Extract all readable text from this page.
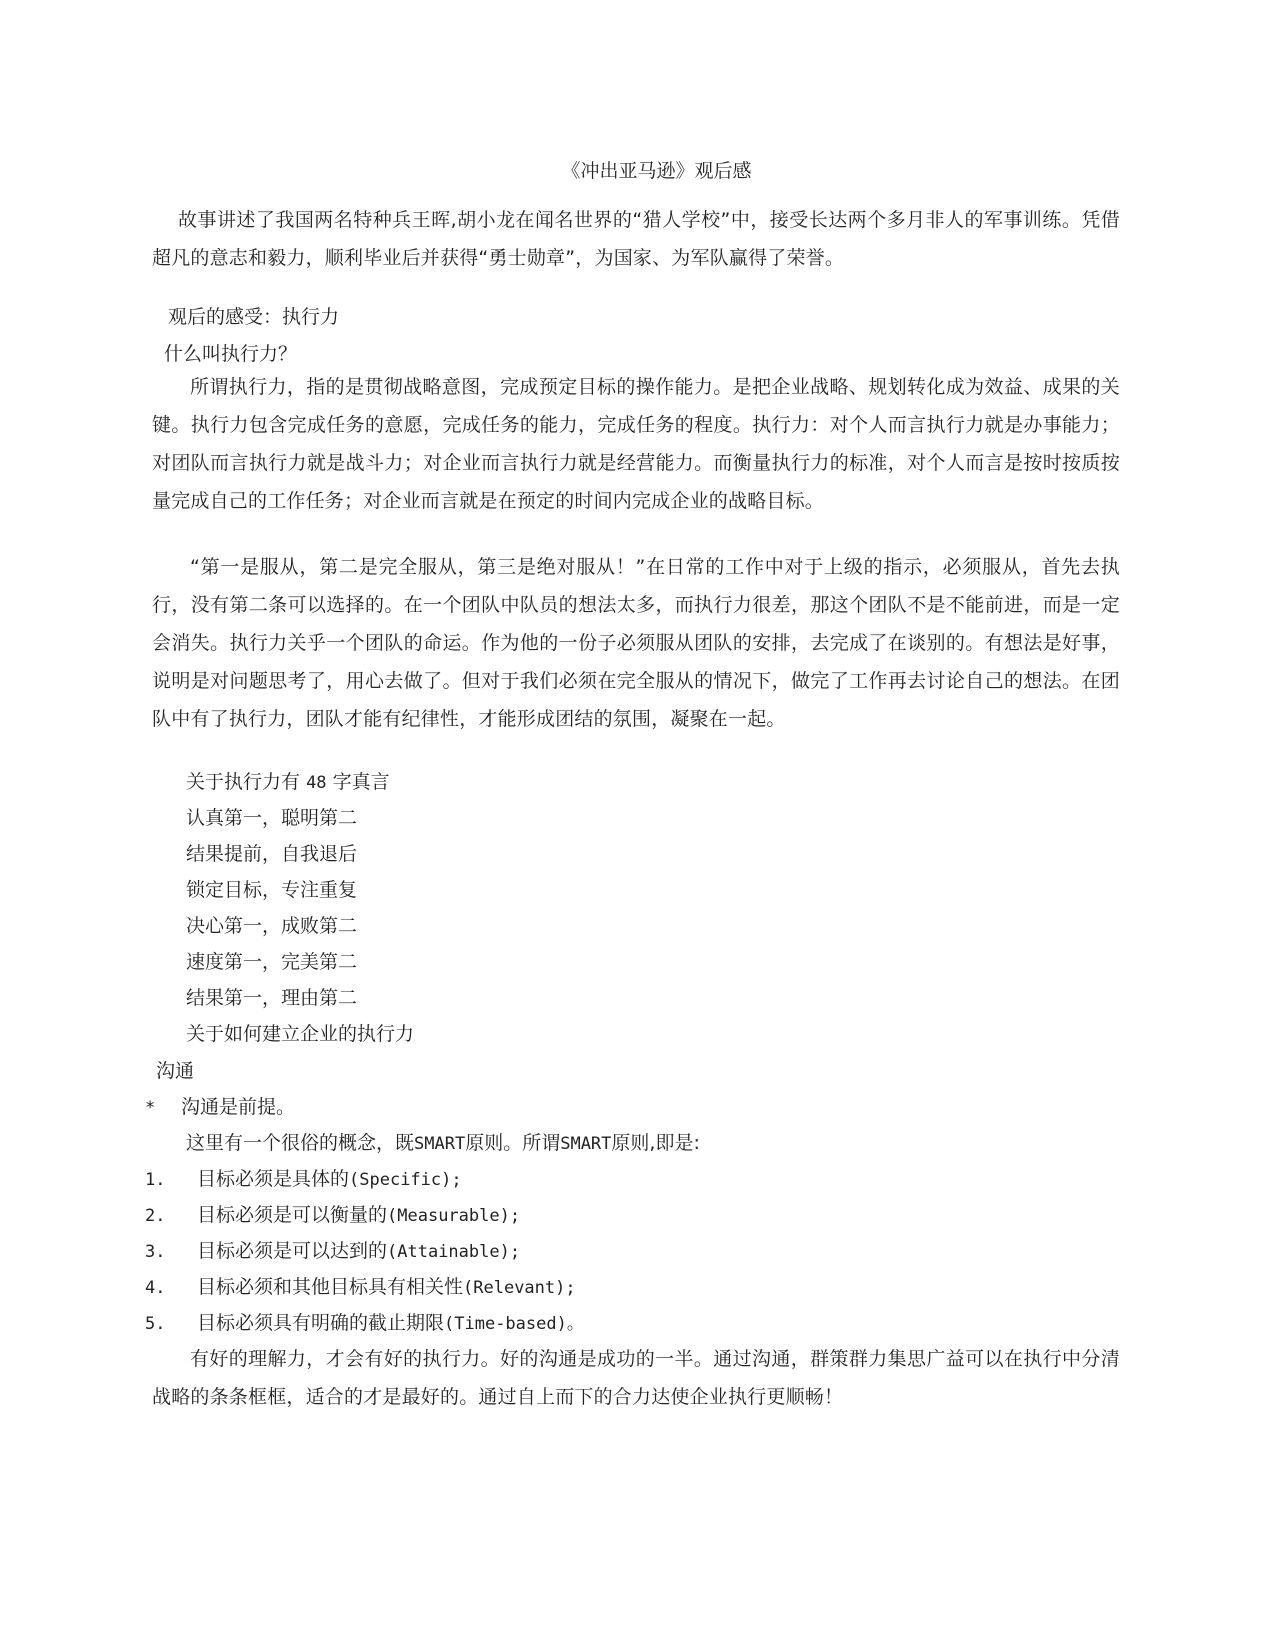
《冲出亚马逊》观后感
故事讲述了我国两名特种兵王晖,胡小龙在闻名世界的“猎人学校”中，接受长达两个多月非人的军事训练。凭借超凡的意志和毅力，顺利毕业后并获得“勇士勋章”，为国家、为军队赢得了荣誉。
观后的感受：执行力
什么叫执行力？
所谓执行力，指的是贯彻战略意图，完成预定目标的操作能力。是把企业战略、规划转化成为效益、成果的关键。执行力包含完成任务的意愿，完成任务的能力，完成任务的程度。执行力：对个人而言执行力就是办事能力；对团队而言执行力就是战斗力；对企业而言执行力就是经营能力。而衡量执行力的标准，对个人而言是按时按质按量完成自己的工作任务；对企业而言就是在预定的时间内完成企业的战略目标。
“第一是服从，第二是完全服从，第三是绝对服从！”在日常的工作中对于上级的指示，必须服从，首先去执行，没有第二条可以选择的。在一个团队中队员的想法太多，而执行力很差，那这个团队不是不能前进，而是一定会消失。执行力关乎一个团队的命运。作为他的一份子必须服从团队的安排，去完成了在谈别的。有想法是好事，说明是对问题思考了，用心去做了。但对于我们必须在完全服从的情况下，做完了工作再去讨论自己的想法。在团队中有了执行力，团队才能有纪律性，才能形成团结的氛围，凝聚在一起。
关于执行力有 48 字真言
认真第一，聪明第二
结果提前，自我退后
锁定目标，专注重复
决心第一，成败第二
速度第一，完美第二
结果第一，理由第二
关于如何建立企业的执行力
沟通
* 沟通是前提。
这里有一个很俗的概念，既SMART原则。所谓SMART原则,即是:
1. 目标必须是具体的(Specific);
2. 目标必须是可以衡量的(Measurable);
3. 目标必须是可以达到的(Attainable);
4. 目标必须和其他目标具有相关性(Relevant);
5. 目标必须具有明确的截止期限(Time-based)。
有好的理解力，才会有好的执行力。好的沟通是成功的一半。通过沟通，群策群力集思广益可以在执行中分清战略的条条框框，适合的才是最好的。通过自上而下的合力达使企业执行更顺畅！
